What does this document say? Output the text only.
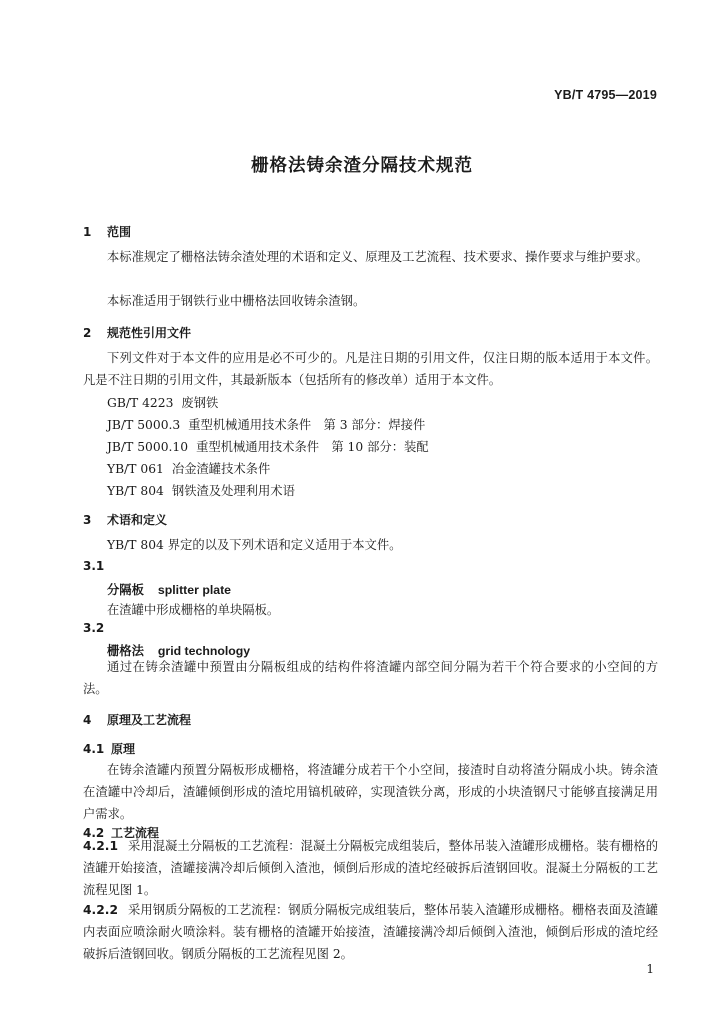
YB/T 4795—2019
栅格法铸余渣分隔技术规范
1 范围
本标准规定了栅格法铸余渣处理的术语和定义、原理及工艺流程、技术要求、操作要求与维护要求。
本标准适用于钢铁行业中栅格法回收铸余渣钢。
2 规范性引用文件
下列文件对于本文件的应用是必不可少的。凡是注日期的引用文件，仅注日期的版本适用于本文件。凡是不注日期的引用文件，其最新版本（包括所有的修改单）适用于本文件。
GB/T 4223 废钢铁
JB/T 5000.3 重型机械通用技术条件　第 3 部分：焊接件
JB/T 5000.10 重型机械通用技术条件　第 10 部分：装配
YB/T 061 冶金渣罐技术条件
YB/T 804 钢铁渣及处理利用术语
3 术语和定义
YB/T 804 界定的以及下列术语和定义适用于本文件。
3.1
分隔板 splitter plate
在渣罐中形成栅格的单块隔板。
3.2
栅格法 grid technology
通过在铸余渣罐中预置由分隔板组成的结构件将渣罐内部空间分隔为若干个符合要求的小空间的方法。
4 原理及工艺流程
4.1 原理
在铸余渣罐内预置分隔板形成栅格，将渣罐分成若干个小空间，接渣时自动将渣分隔成小块。铸余渣在渣罐中冷却后，渣罐倾倒形成的渣坨用镐机破碎，实现渣铁分离，形成的小块渣钢尺寸能够直接满足用户需求。
4.2 工艺流程
4.2.1 采用混凝土分隔板的工艺流程：混凝土分隔板完成组装后，整体吊装入渣罐形成栅格。装有栅格的渣罐开始接渣，渣罐接满冷却后倾倒入渣池，倾倒后形成的渣坨经破拆后渣钢回收。混凝土分隔板的工艺流程见图 1。
4.2.2 采用钢质分隔板的工艺流程：钢质分隔板完成组装后，整体吊装入渣罐形成栅格。栅格表面及渣罐内表面应喷涂耐火喷涂料。装有栅格的渣罐开始接渣，渣罐接满冷却后倾倒入渣池，倾倒后形成的渣坨经破拆后渣钢回收。钢质分隔板的工艺流程见图 2。
1
